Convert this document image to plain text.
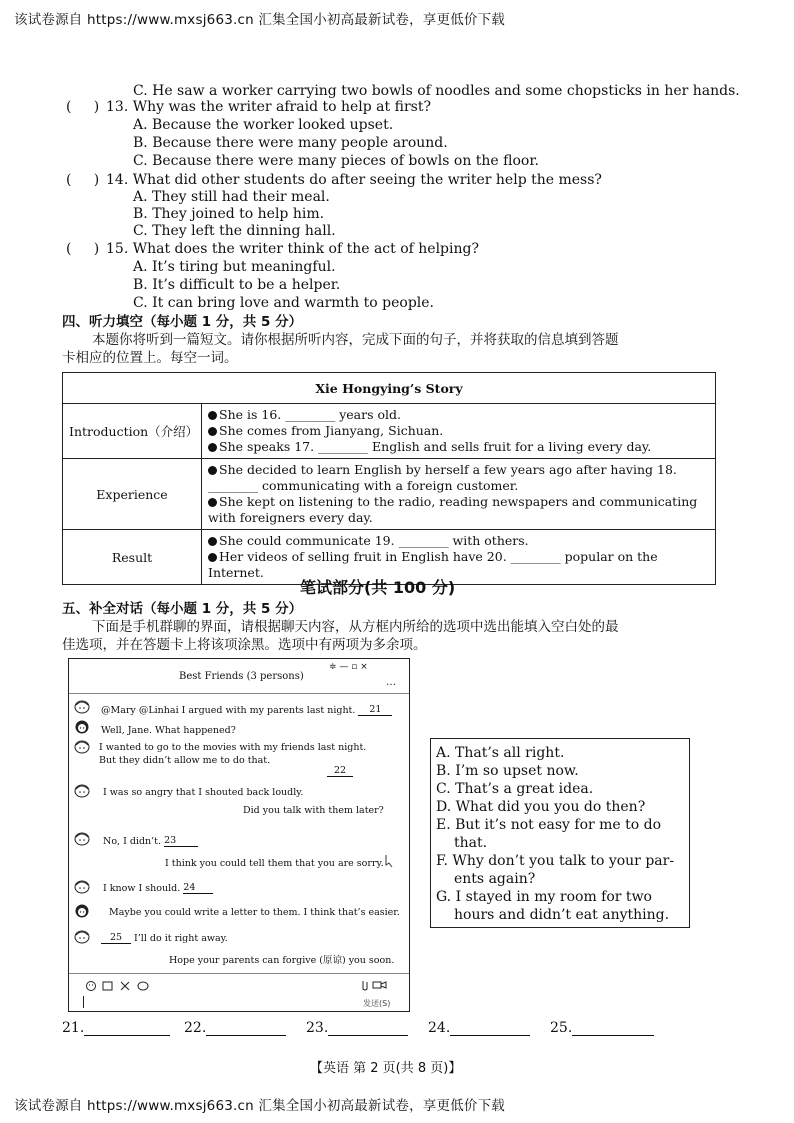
该试卷源自 https://www.mxsj663.cn 汇集全国小初高最新试卷，享更低价下载
C. He saw a worker carrying two bowls of noodles and some chopsticks in her hands.
(     ) 13. Why was the writer afraid to help at first?
A. Because the worker looked upset.
B. Because there were many people around.
C. Because there were many pieces of bowls on the floor.
(     ) 14. What did other students do after seeing the writer help the mess?
A. They still had their meal.
B. They joined to help him.
C. They left the dinning hall.
(     ) 15. What does the writer think of the act of helping?
A. It’s tiring but meaningful.
B. It’s difficult to be a helper.
C. It can bring love and warmth to people.
四、听力填空（每小题 1 分，共 5 分）
本题你将听到一篇短文。请你根据所听内容，完成下面的句子，并将获取的信息填到答题
卡相应的位置上。每空一词。
Xie Hongying’s Story	
Introduction（介绍）	She is 16. ________ years old.
She comes from Jianyang, Sichuan.
She speaks 17. ________ English and sells fruit for a living every day.

Experience	She decided to learn English by herself a few years ago after having 18. ________ communicating with a foreign customer.
She kept on listening to the radio, reading newspapers and communicating with foreigners every day.

Result	She could communicate 19. ________ with others.
Her videos of selling fruit in English have 20. ________ popular on the Internet.
笔试部分(共 100 分)
五、补全对话（每小题 1 分，共 5 分）
下面是手机群聊的界面，请根据聊天内容，从方框内所给的选项中选出能填入空白处的最
佳选项，并在答题卡上将该项涂黑。选项中有两项为多余项。
Best Friends (3 persons)
≑ — ▫ ×
…
@Mary @Linhai I argued with my parents last night. 21
Well, Jane. What happened?
I wanted to go to the movies with my friends last night.
But they didn’t allow me to do that.
22
I was so angry that I shouted back loudly.
Did you talk with them later?
No, I didn’t. 23
I think you could tell them that you are sorry.
I know I should. 24
Maybe you could write a letter to them. I think that’s easier.
25 I’ll do it right away.
Hope your parents can forgive (原谅) you soon.
发送(S)
A. That’s all right.
B. I’m so upset now.
C. That’s a great idea.
D. What did you you do then?
E. But it’s not easy for me to do
that.
F. Why don’t you talk to your par-
ents again?
G. I stayed in my room for two
hours and didn’t eat anything.
21.	22.	23.	24.	25.
【英语 第 2 页(共 8 页)】
该试卷源自 https://www.mxsj663.cn 汇集全国小初高最新试卷，享更低价下载
